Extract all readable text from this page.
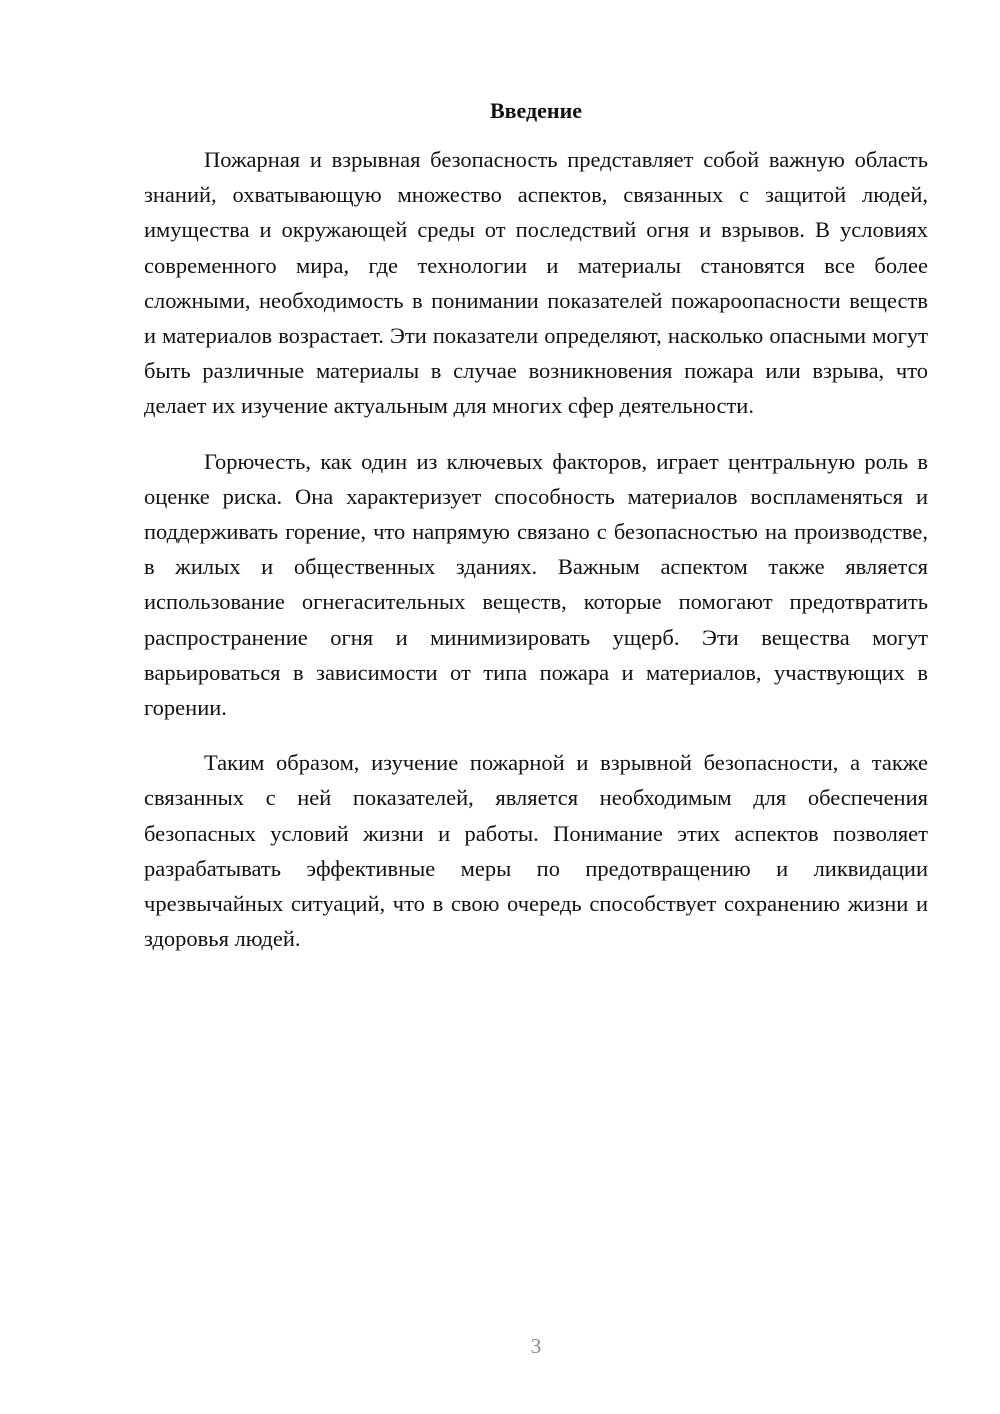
Введение

Пожарная и взрывная безопасность представляет собой важную область знаний, охватывающую множество аспектов, связанных с защитой людей, имущества и окружающей среды от последствий огня и взрывов. В условиях современного мира, где технологии и материалы становятся все более сложными, необходимость в понимании показателей пожароопасности веществ и материалов возрастает. Эти показатели определяют, насколько опасными могут быть различные материалы в случае возникновения пожара или взрыва, что делает их изучение актуальным для многих сфер деятельности.

Горючесть, как один из ключевых факторов, играет центральную роль в оценке риска. Она характеризует способность материалов воспламеняться и поддерживать горение, что напрямую связано с безопасностью на производстве, в жилых и общественных зданиях. Важным аспектом также является использование огнегасительных веществ, которые помогают предотвратить распространение огня и минимизировать ущерб. Эти вещества могут варьироваться в зависимости от типа пожара и материалов, участвующих в горении.

Таким образом, изучение пожарной и взрывной безопасности, а также связанных с ней показателей, является необходимым для обеспечения безопасных условий жизни и работы. Понимание этих аспектов позволяет разрабатывать эффективные меры по предотвращению и ликвидации чрезвычайных ситуаций, что в свою очередь способствует сохранению жизни и здоровья людей.

3
